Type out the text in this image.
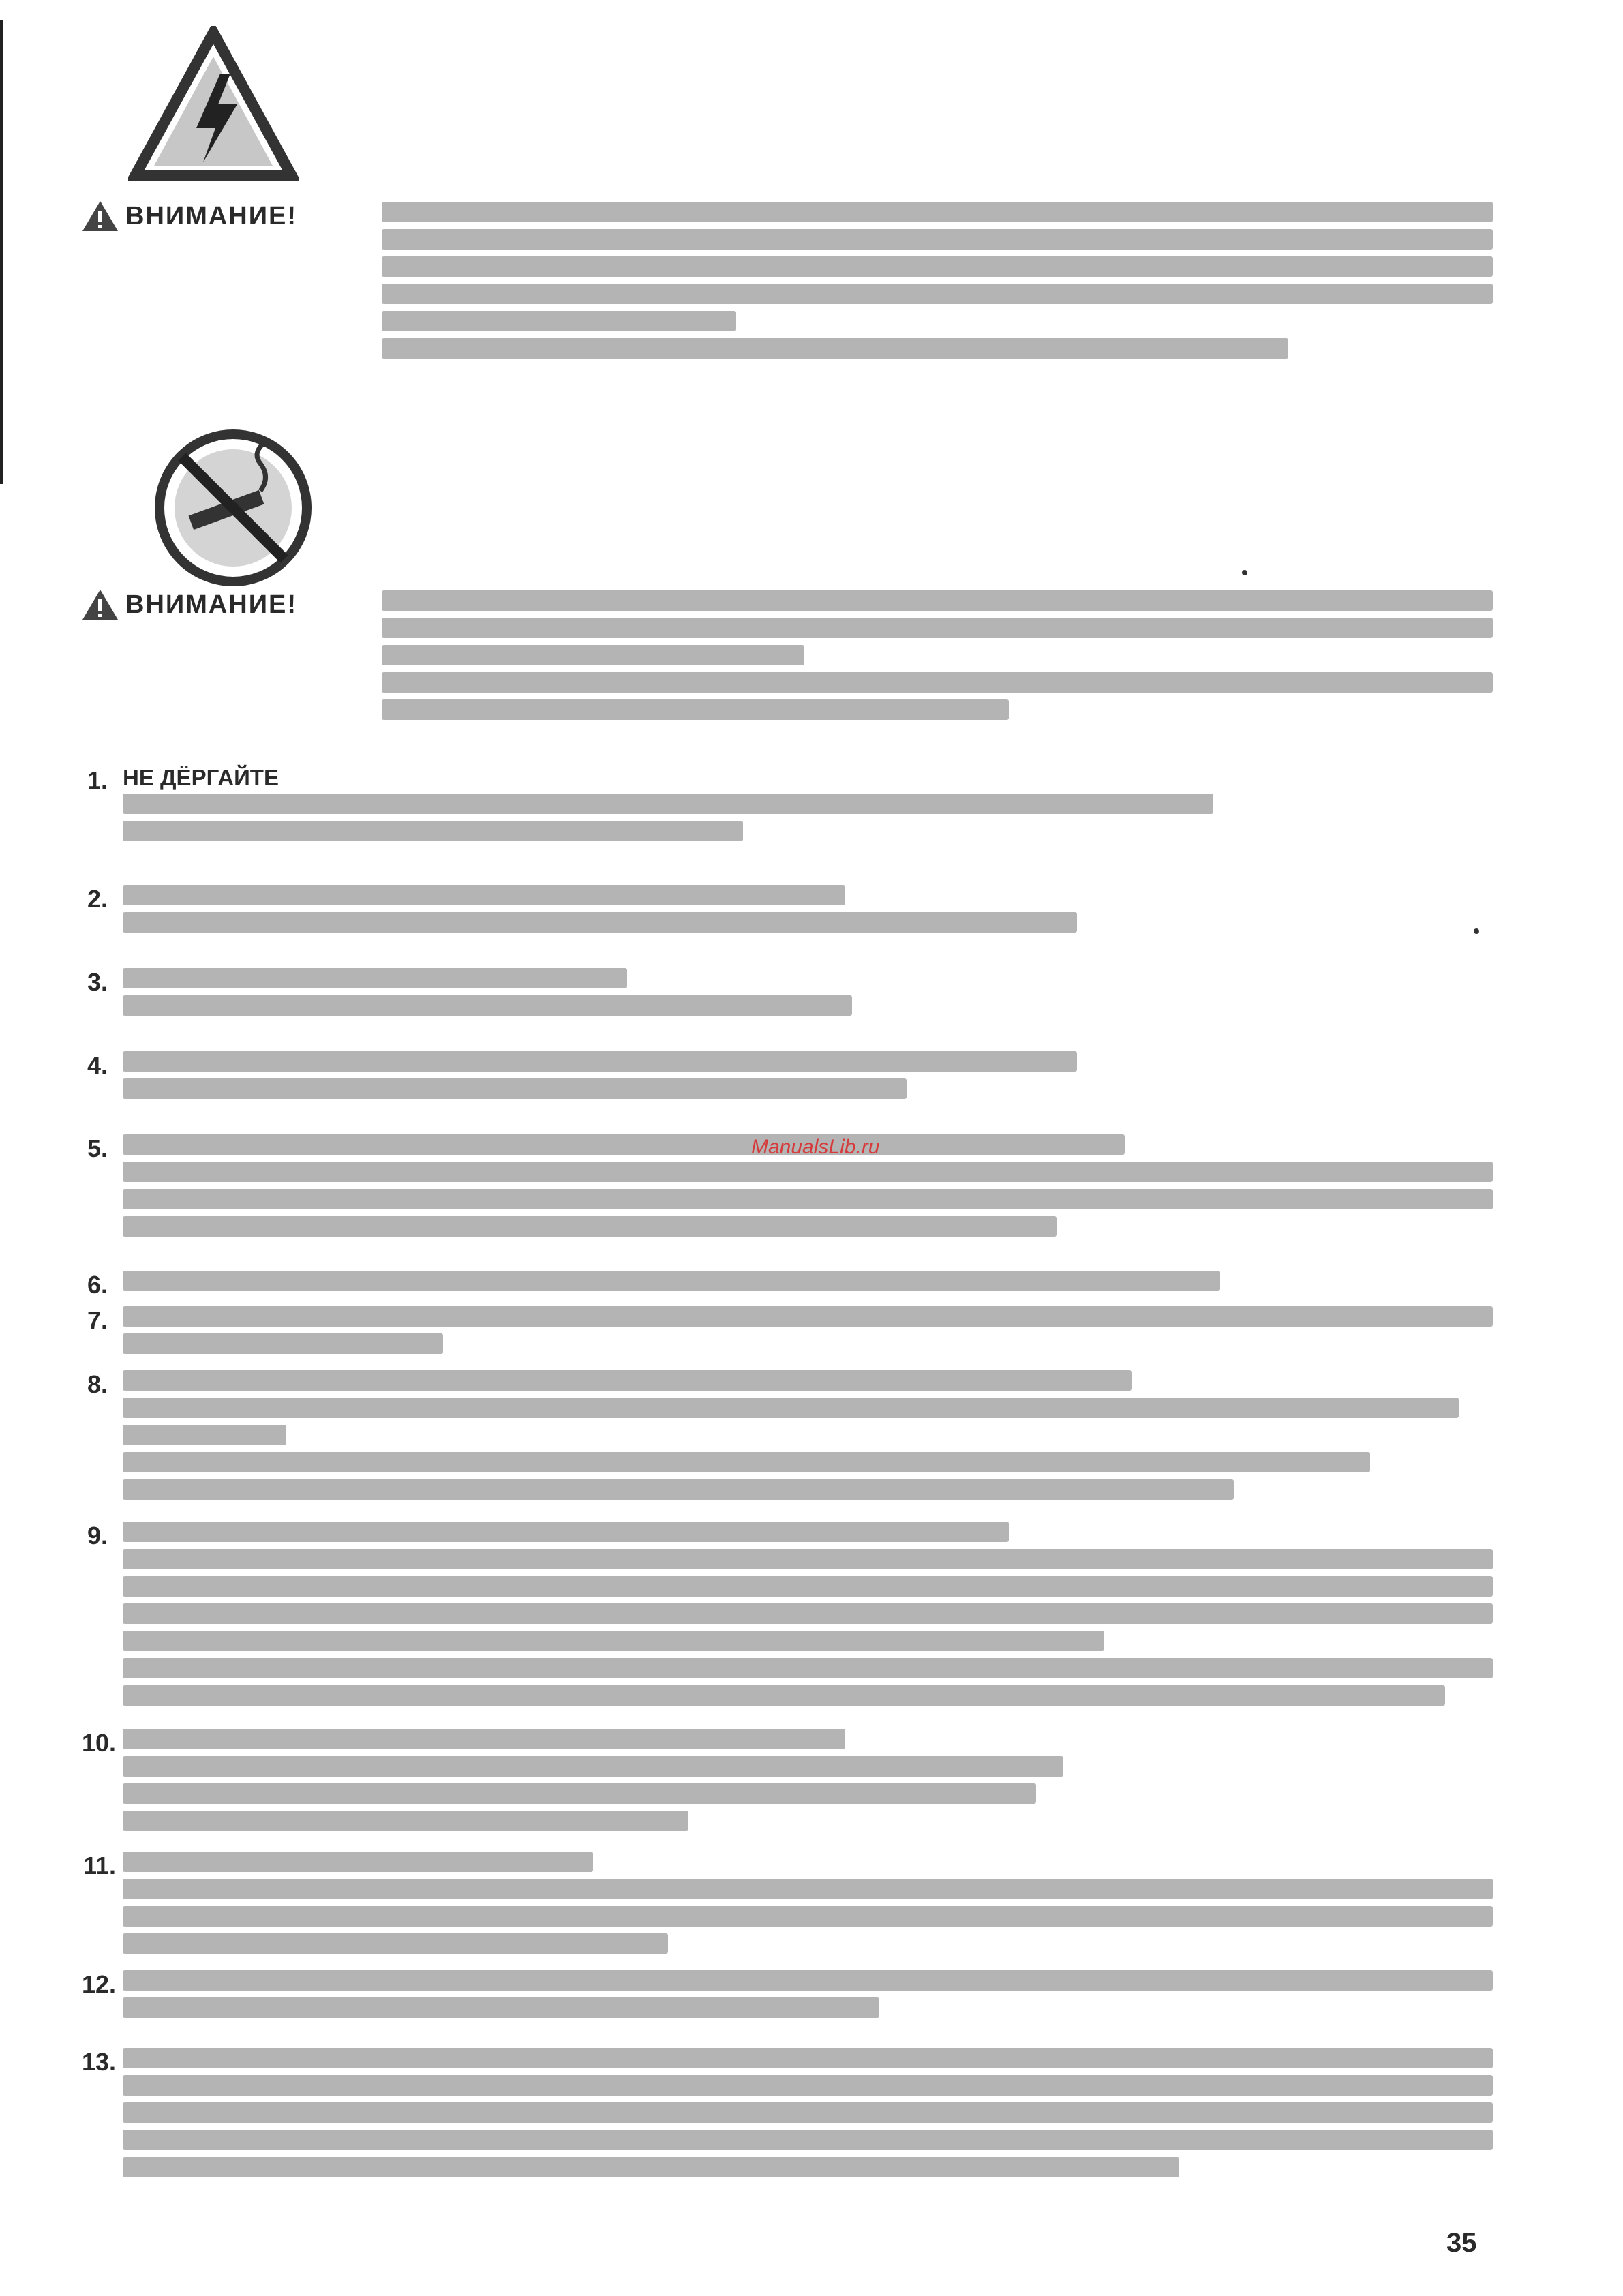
ВНИМАНИЕ!
ВНИМАНИЕ!
1. НЕ ДЁРГАЙТЕ
2.
3.
4.
5.	ManualsLib.ru
6.
7.
8.
9.
10.
11.
12.
13.
35
